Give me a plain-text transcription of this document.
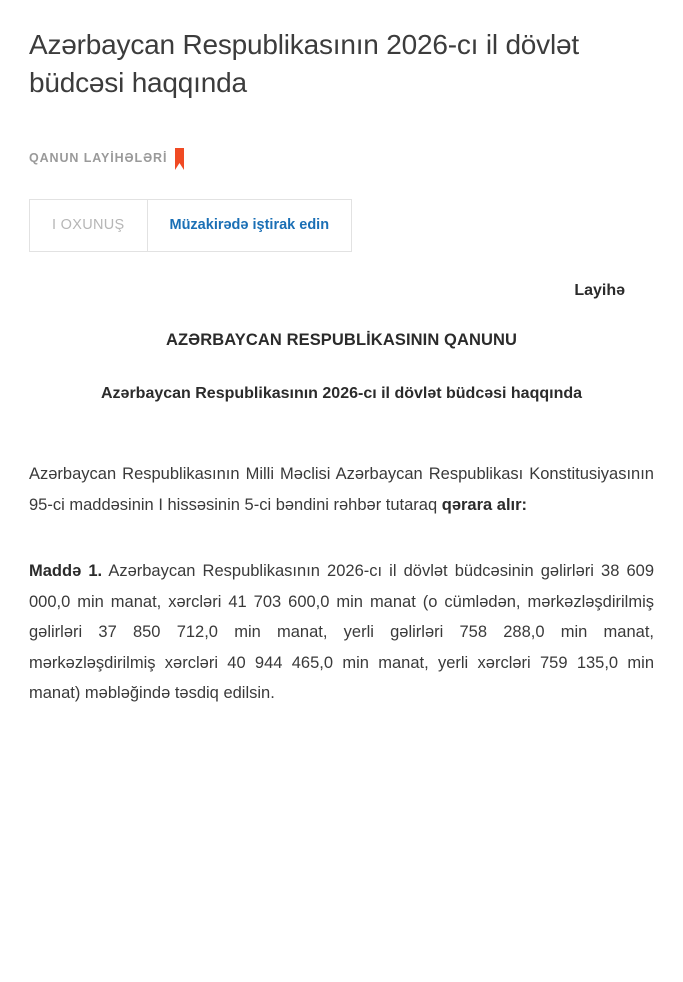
Azərbaycan Respublikasının 2026-cı il dövlət büdcəsi haqqında
QANUN LAYİHƏLƏRİ
I OXUNUŞ	Müzakirədə iştirak edin
Layihə
AZƏRBAYCAN RESPUBLİKASININ QANUNU
Azərbaycan Respublikasının 2026-cı il dövlət büdcəsi haqqında

Azərbaycan Respublikasının Milli Məclisi Azərbaycan Respublikası Konstitusiyasının 95-ci maddəsinin I hissəsinin 5-ci bəndini rəhbər tutaraq qərara alır:

Maddə 1. Azərbaycan Respublikasının 2026-cı il dövlət büdcəsinin gəlirləri 38 609 000,0 min manat, xərcləri 41 703 600,0 min manat (o cümlədən, mərkəzləşdirilmiş gəlirləri 37 850 712,0 min manat, yerli gəlirləri 758 288,0 min manat, mərkəzləşdirilmiş xərcləri 40 944 465,0 min manat, yerli xərcləri 759 135,0 min manat) məbləğində təsdiq edilsin.
